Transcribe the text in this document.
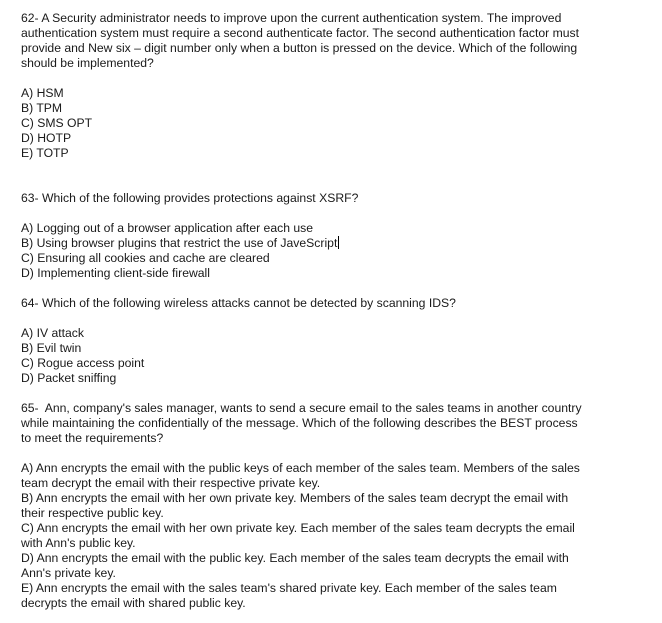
62- A Security administrator needs to improve upon the current authentication system. The improved
authentication system must require a second authenticate factor. The second authentication factor must
provide and New six – digit number only when a button is pressed on the device. Which of the following
should be implemented?
A) HSM
B) TPM
C) SMS OPT
D) HOTP
E) TOTP
63- Which of the following provides protections against XSRF?
A) Logging out of a browser application after each use
B) Using browser plugins that restrict the use of JaveScript
C) Ensuring all cookies and cache are cleared
D) Implementing client-side firewall
64- Which of the following wireless attacks cannot be detected by scanning IDS?
A) IV attack
B) Evil twin
C) Rogue access point
D) Packet sniffing
65-  Ann, company's sales manager, wants to send a secure email to the sales teams in another country
while maintaining the confidentially of the message. Which of the following describes the BEST process
to meet the requirements?
A) Ann encrypts the email with the public keys of each member of the sales team. Members of the sales
team decrypt the email with their respective private key.
B) Ann encrypts the email with her own private key. Members of the sales team decrypt the email with
their respective public key.
C) Ann encrypts the email with her own private key. Each member of the sales team decrypts the email
with Ann's public key.
D) Ann encrypts the email with the public key. Each member of the sales team decrypts the email with
Ann's private key.
E) Ann encrypts the email with the sales team's shared private key. Each member of the sales team
decrypts the email with shared public key.
